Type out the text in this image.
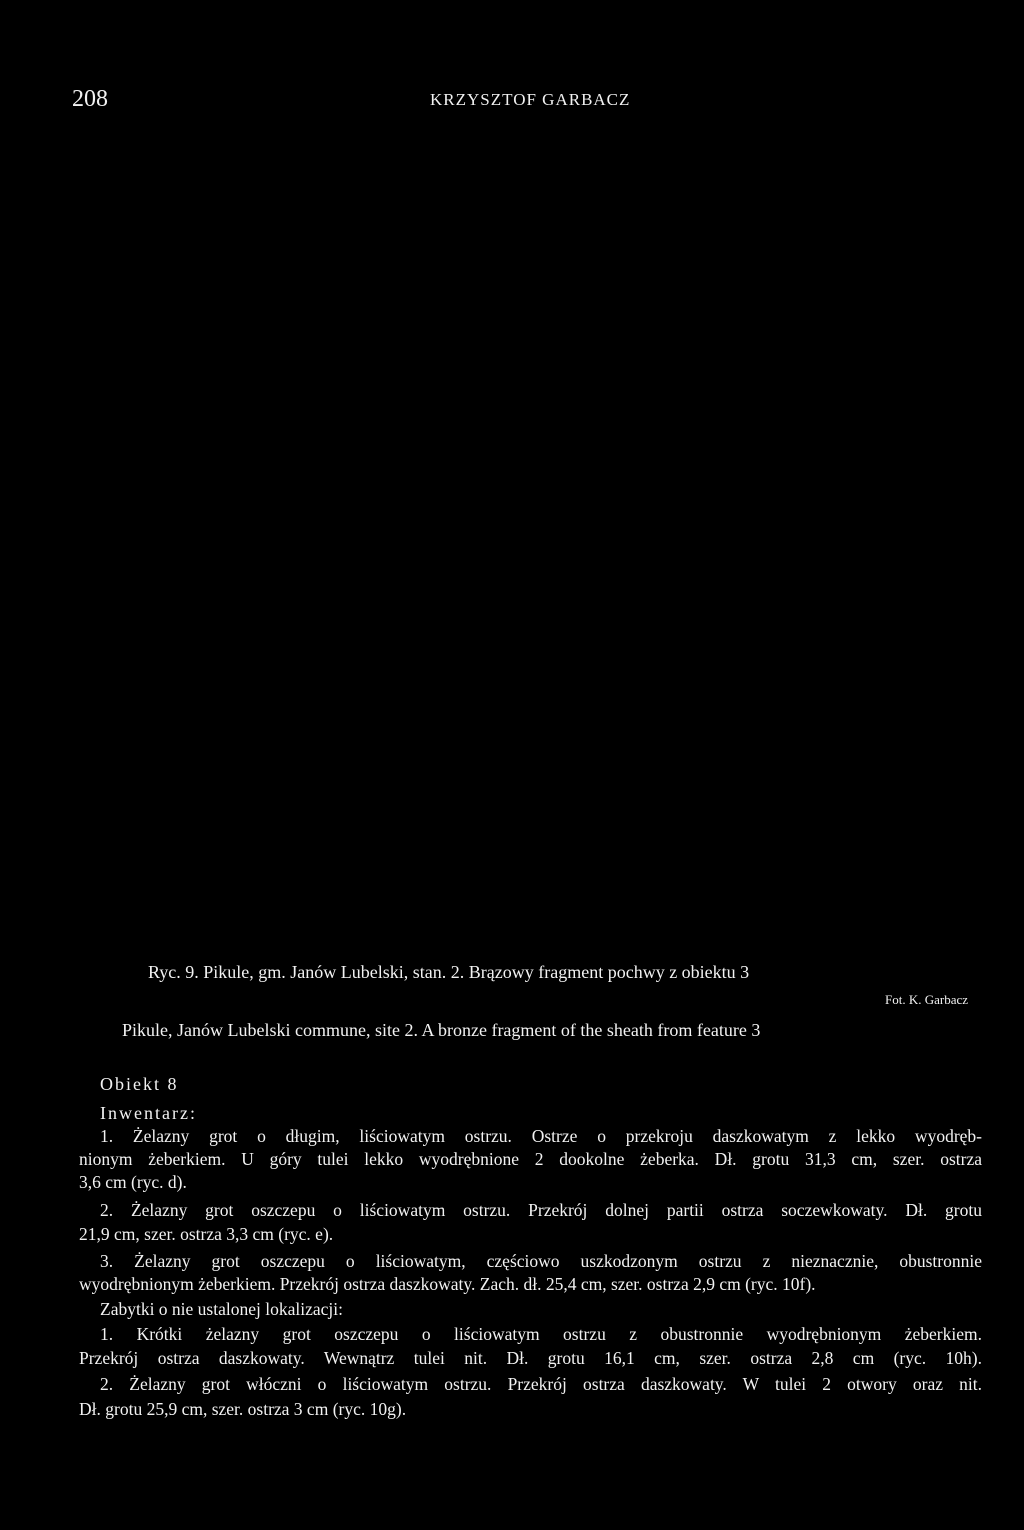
208	KRZYSZTOF GARBACZ
Ryc. 9. Pikule, gm. Janów Lubelski, stan. 2. Brązowy fragment pochwy z obiektu 3
Fot. K. Garbacz
Pikule, Janów Lubelski commune, site 2. A bronze fragment of the sheath from feature 3
Obiekt 8
Inwentarz:
1. Żelazny grot o długim, liściowatym ostrzu. Ostrze o przekroju daszkowatym z lekko wyodręb-
nionym żeberkiem. U góry tulei lekko wyodrębnione 2 dookolne żeberka. Dł. grotu 31,3 cm, szer. ostrza
3,6 cm (ryc. d).
2. Żelazny grot oszczepu o liściowatym ostrzu. Przekrój dolnej partii ostrza soczewkowaty. Dł. grotu
21,9 cm, szer. ostrza 3,3 cm (ryc. e).
3. Żelazny grot oszczepu o liściowatym, częściowo uszkodzonym ostrzu z nieznacznie, obustronnie
wyodrębnionym żeberkiem. Przekrój ostrza daszkowaty. Zach. dł. 25,4 cm, szer. ostrza 2,9 cm (ryc. 10f).
Zabytki o nie ustalonej lokalizacji:
1. Krótki żelazny grot oszczepu o liściowatym ostrzu z obustronnie wyodrębnionym żeberkiem.
Przekrój ostrza daszkowaty. Wewnątrz tulei nit. Dł. grotu 16,1 cm, szer. ostrza 2,8 cm (ryc. 10h).
2. Żelazny grot włóczni o liściowatym ostrzu. Przekrój ostrza daszkowaty. W tulei 2 otwory oraz nit.
Dł. grotu 25,9 cm, szer. ostrza 3 cm (ryc. 10g).
